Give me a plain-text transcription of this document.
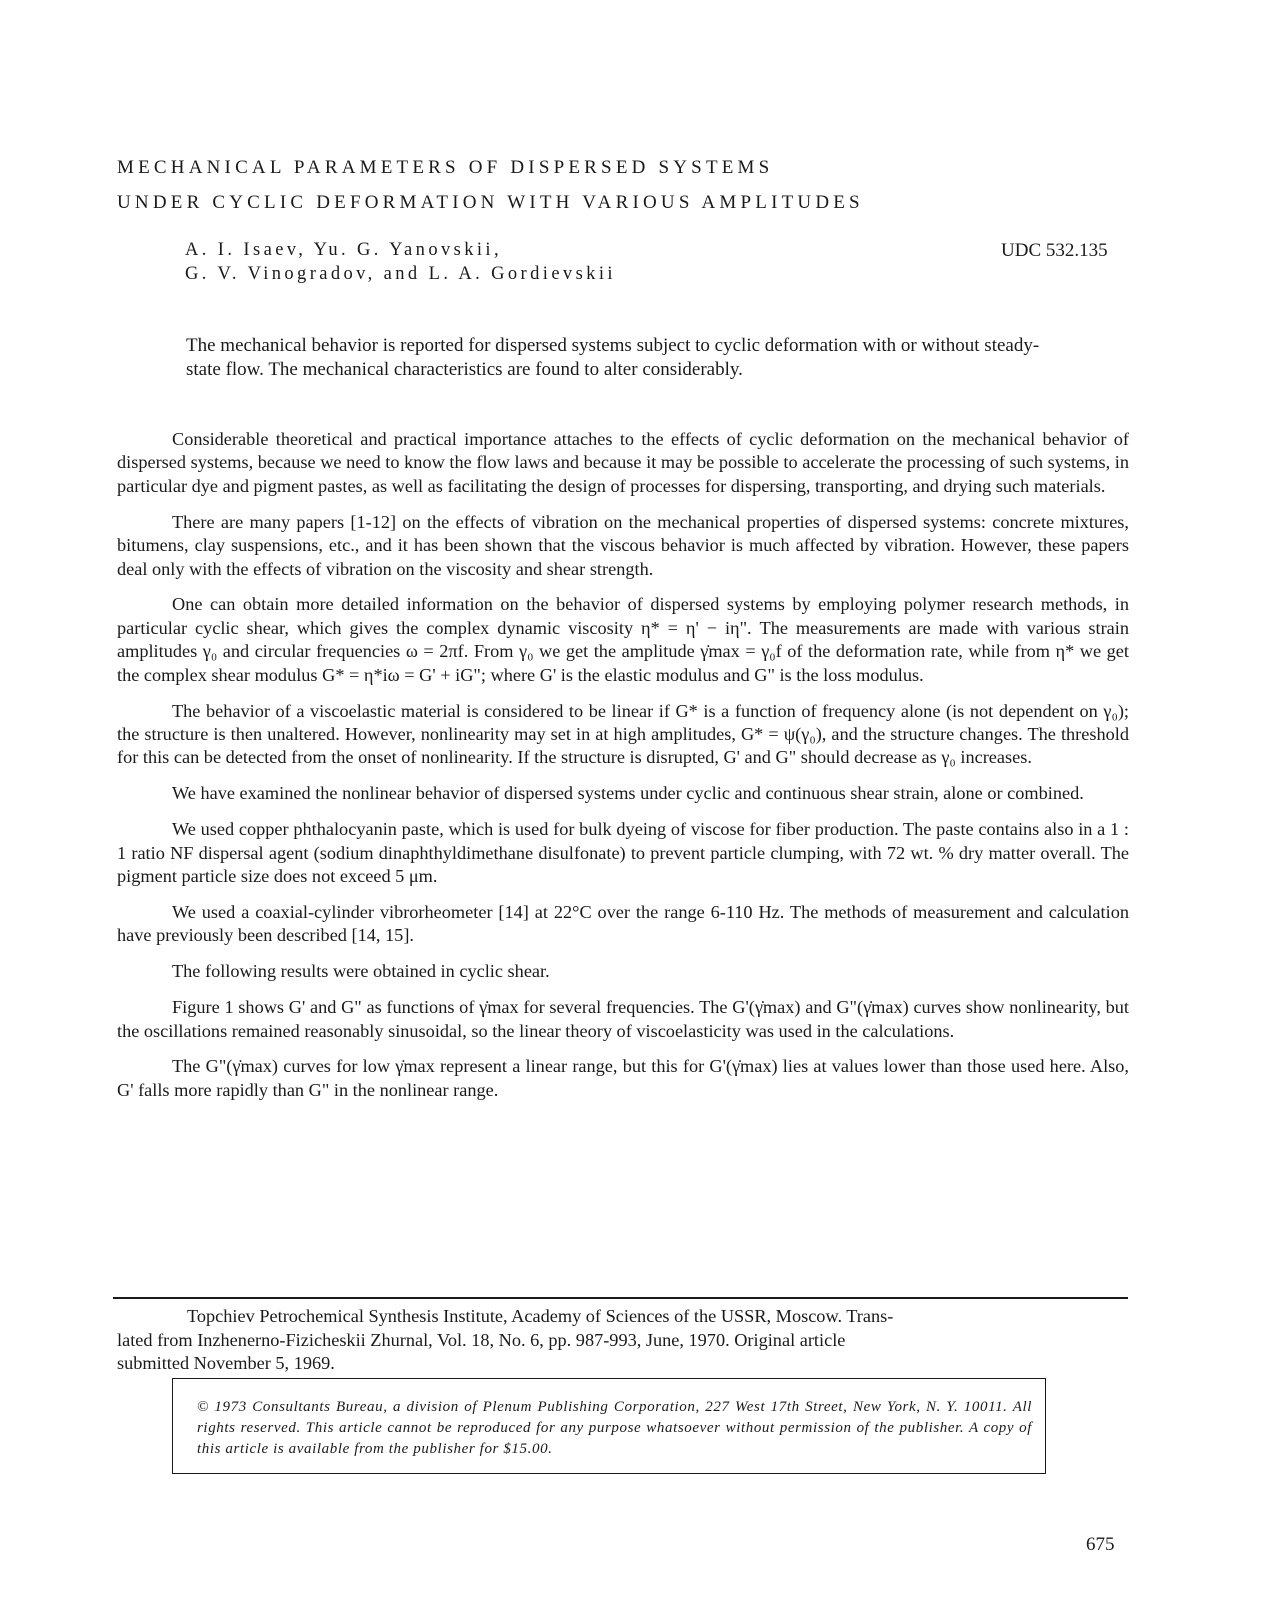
MECHANICAL PARAMETERS OF DISPERSED SYSTEMS
UNDER CYCLIC DEFORMATION WITH VARIOUS AMPLITUDES
A. I. Isaev, Yu. G. Yanovskii,
G. V. Vinogradov, and L. A. Gordievskii
UDC 532.135
The mechanical behavior is reported for dispersed systems subject to cyclic deformation with or without steady-state flow. The mechanical characteristics are found to alter considerably.

Considerable theoretical and practical importance attaches to the effects of cyclic deformation on the mechanical behavior of dispersed systems, because we need to know the flow laws and because it may be possible to accelerate the processing of such systems, in particular dye and pigment pastes, as well as facilitating the design of processes for dispersing, transporting, and drying such materials.

There are many papers [1-12] on the effects of vibration on the mechanical properties of dispersed systems: concrete mixtures, bitumens, clay suspensions, etc., and it has been shown that the viscous behavior is much affected by vibration. However, these papers deal only with the effects of vibration on the viscosity and shear strength.

One can obtain more detailed information on the behavior of dispersed systems by employing polymer research methods, in particular cyclic shear, which gives the complex dynamic viscosity η* = η' − iη". The measurements are made with various strain amplitudes γ₀ and circular frequencies ω = 2πf. From γ₀ we get the amplitude γ̇max = γ₀f of the deformation rate, while from η* we get the complex shear modulus G* = η*iω = G' + iG"; where G' is the elastic modulus and G" is the loss modulus.

The behavior of a viscoelastic material is considered to be linear if G* is a function of frequency alone (is not dependent on γ₀); the structure is then unaltered. However, nonlinearity may set in at high amplitudes, G* = ψ(γ₀), and the structure changes. The threshold for this can be detected from the onset of nonlinearity. If the structure is disrupted, G' and G" should decrease as γ₀ increases.

We have examined the nonlinear behavior of dispersed systems under cyclic and continuous shear strain, alone or combined.

We used copper phthalocyanin paste, which is used for bulk dyeing of viscose for fiber production. The paste contains also in a 1 : 1 ratio NF dispersal agent (sodium dinaphthyldimethane disulfonate) to prevent particle clumping, with 72 wt. % dry matter overall. The pigment particle size does not exceed 5 μm.

We used a coaxial-cylinder vibrorheometer [14] at 22°C over the range 6-110 Hz. The methods of measurement and calculation have previously been described [14, 15].

The following results were obtained in cyclic shear.

Figure 1 shows G' and G" as functions of γ̇max for several frequencies. The G'(γ̇max) and G"(γ̇max) curves show nonlinearity, but the oscillations remained reasonably sinusoidal, so the linear theory of viscoelasticity was used in the calculations.

The G"(γ̇max) curves for low γ̇max represent a linear range, but this for G'(γ̇max) lies at values lower than those used here. Also, G' falls more rapidly than G" in the nonlinear range.

Topchiev Petrochemical Synthesis Institute, Academy of Sciences of the USSR, Moscow. Trans-
lated from Inzhenerno-Fizicheskii Zhurnal, Vol. 18, No. 6, pp. 987-993, June, 1970. Original article
submitted November 5, 1969.
© 1973 Consultants Bureau, a division of Plenum Publishing Corporation, 227 West 17th Street, New York, N. Y. 10011. All rights reserved. This article cannot be reproduced for any purpose whatsoever without permission of the publisher. A copy of this article is available from the publisher for $15.00.
675
